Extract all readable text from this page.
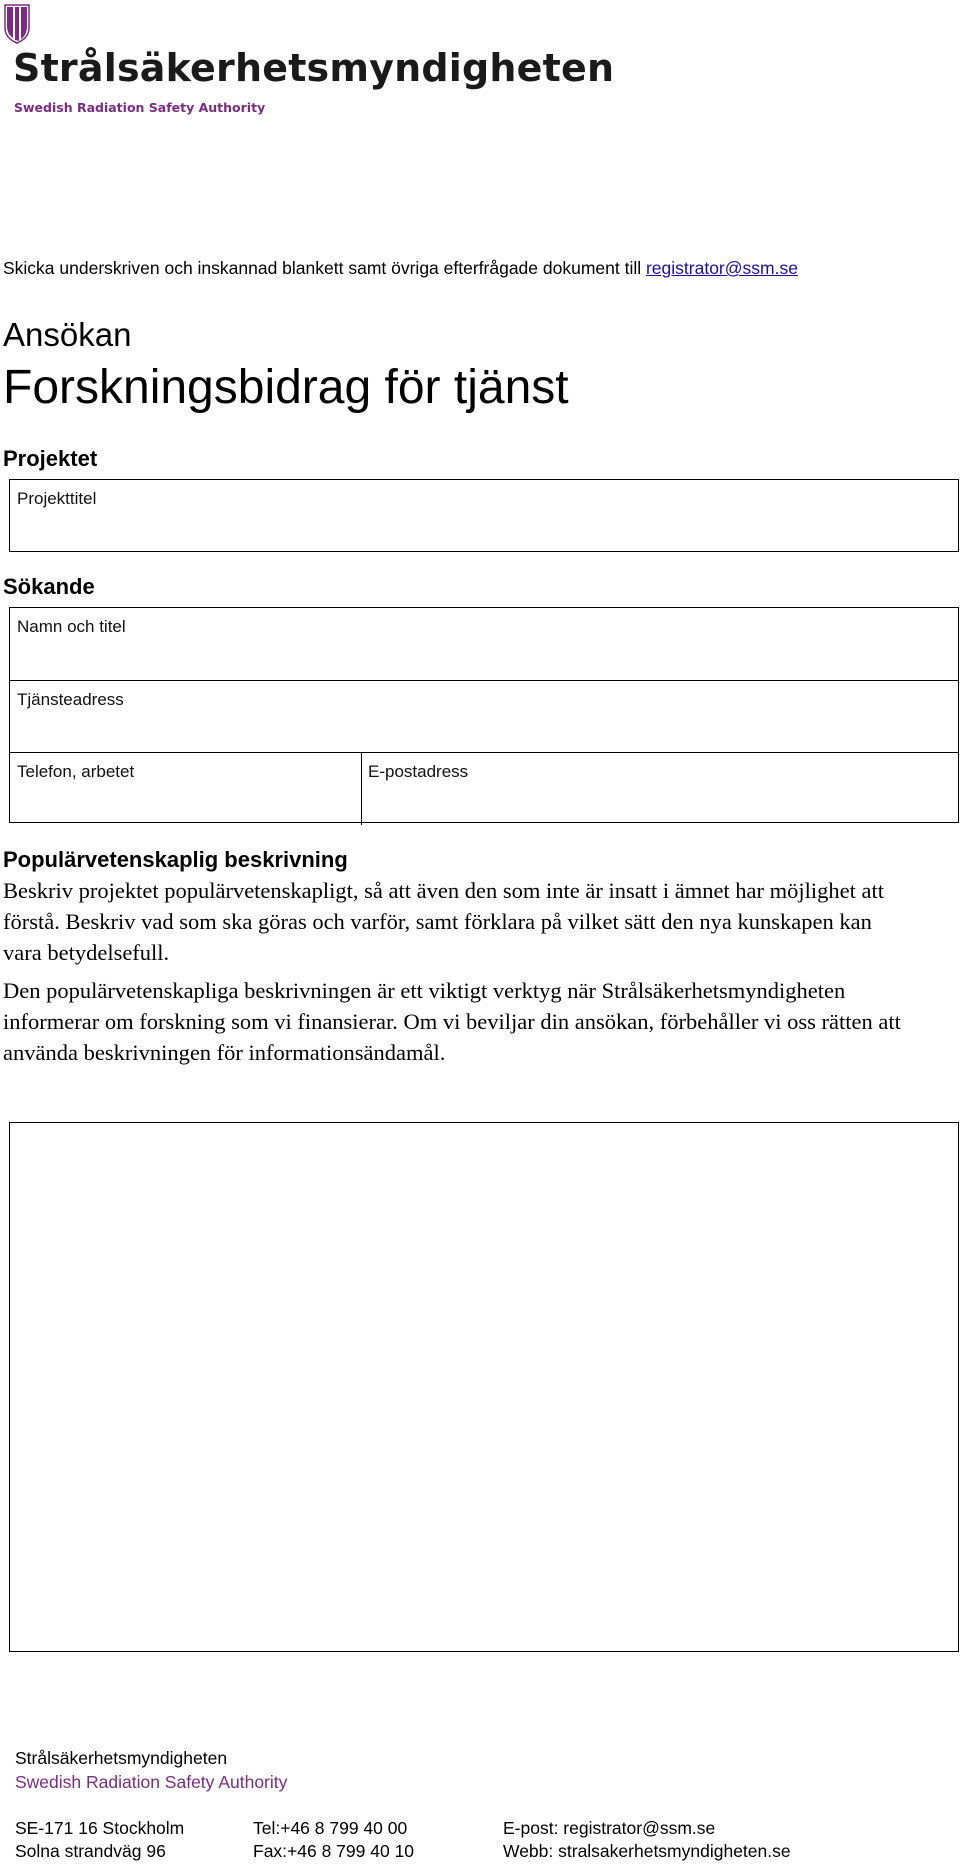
Strålsäkerhetsmyndigheten
Swedish Radiation Safety Authority
Skicka underskriven och inskannad blankett samt övriga efterfrågade dokument till registrator@ssm.se
Ansökan
Forskningsbidrag för tjänst
Projektet
Projekttitel
Sökande
Namn och titel
Tjänsteadress
Telefon, arbetet	E-postadress
Populärvetenskaplig beskrivning
Beskriv projektet populärvetenskapligt, så att även den som inte är insatt i ämnet har möjlighet att förstå. Beskriv vad som ska göras och varför, samt förklara på vilket sätt den nya kunskapen kan vara betydelsefull.
Den populärvetenskapliga beskrivningen är ett viktigt verktyg när Strålsäkerhetsmyndigheten informerar om forskning som vi finansierar. Om vi beviljar din ansökan, förbehåller vi oss rätten att använda beskrivningen för informationsändamål.
Strålsäkerhetsmyndigheten
Swedish Radiation Safety Authority
SE-171 16 Stockholm
Solna strandväg 96
Tel:+46 8 799 40 00
Fax:+46 8 799 40 10
E-post: registrator@ssm.se
Webb: stralsakerhetsmyndigheten.se
